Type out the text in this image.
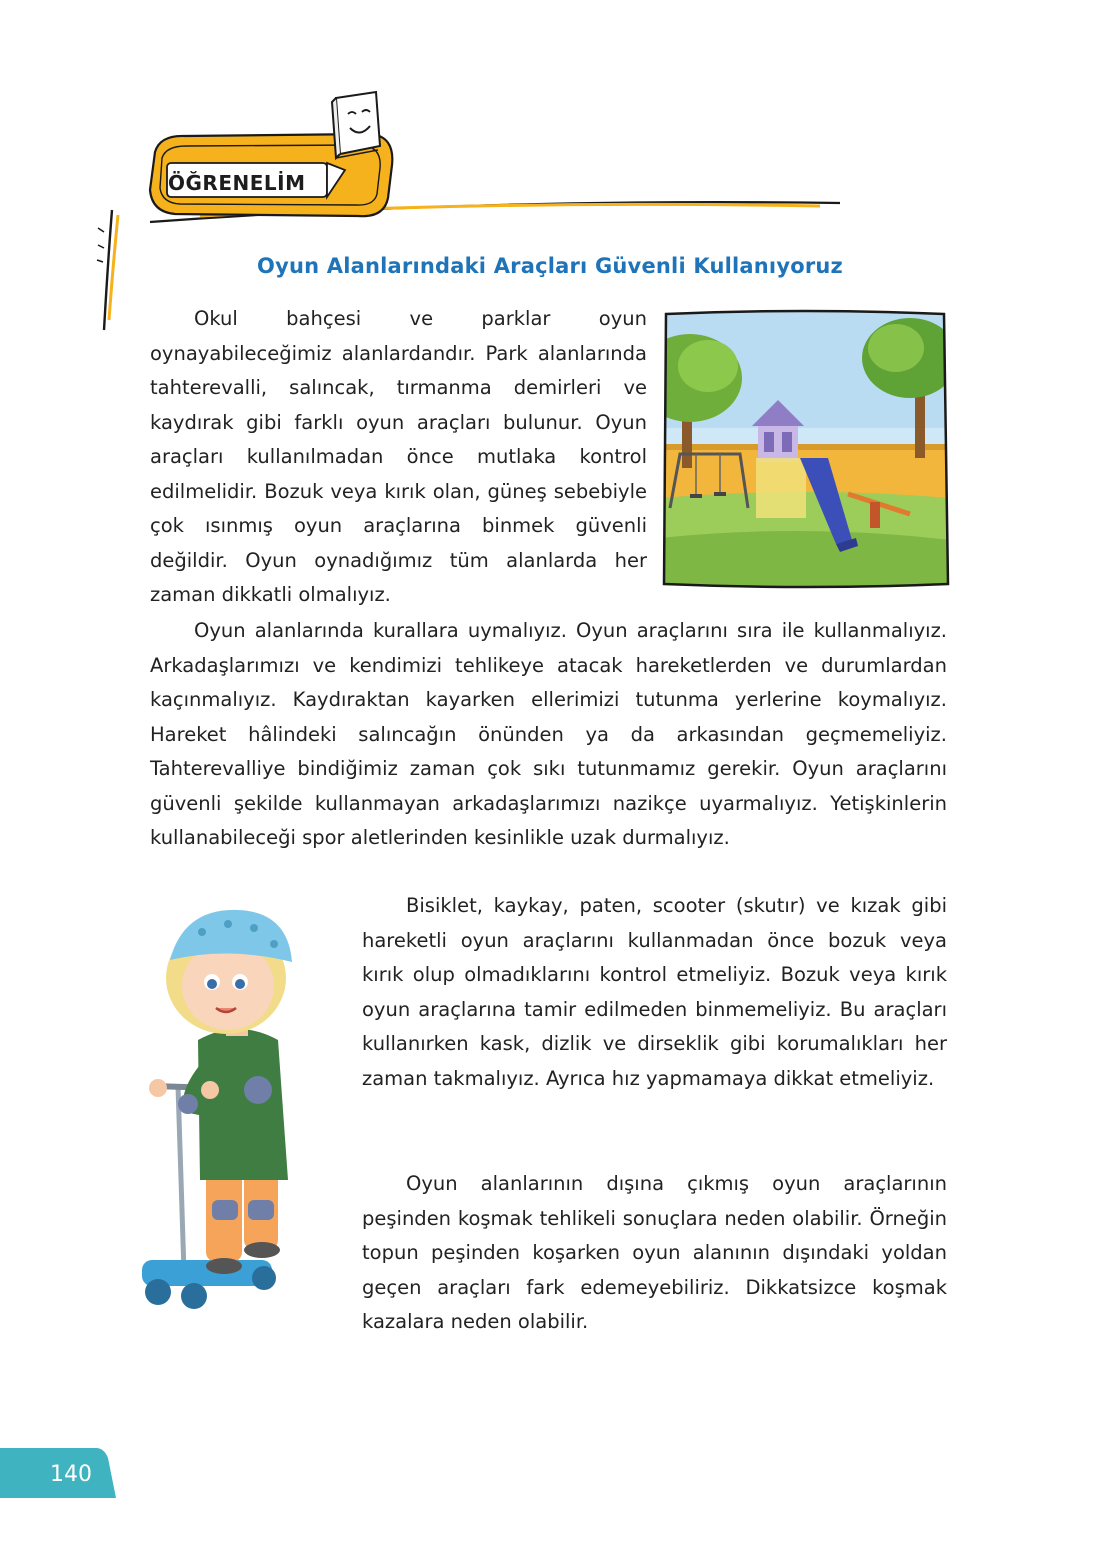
ÖĞRENELİM
Oyun Alanlarındaki Araçları Güvenli Kullanıyoruz

Okul bahçesi ve parklar oyun oynayabileceğimiz alanlardandır. Park alanlarında tahterevalli, salıncak, tırmanma demirleri ve kaydırak gibi farklı oyun araçları bulunur. Oyun araçları kullanılmadan önce mutlaka kontrol edilmelidir. Bozuk veya kırık olan, güneş sebebiyle çok ısınmış oyun araçlarına binmek güvenli değildir. Oyun oynadığımız tüm alanlarda her zaman dikkatli olmalıyız.

Oyun alanlarında kurallara uymalıyız. Oyun araçlarını sıra ile kullanmalıyız. Arkadaşlarımızı ve kendimizi tehlikeye atacak hareketlerden ve durumlardan kaçınmalıyız. Kaydıraktan kayarken ellerimizi tutunma yerlerine koymalıyız. Hareket hâlindeki salıncağın önünden ya da arkasından geçmemeliyiz. Tahterevalliye bindiğimiz zaman çok sıkı tutunmamız gerekir. Oyun araçlarını güvenli şekilde kullanmayan arkadaşlarımızı nazikçe uyarmalıyız. Yetişkinlerin kullanabileceği spor aletlerinden kesinlikle uzak durmalıyız.

Bisiklet, kaykay, paten, scooter (skutır) ve kızak gibi hareketli oyun araçlarını kullanmadan önce bozuk veya kırık olup olmadıklarını kontrol etmeliyiz. Bozuk veya kırık oyun araçlarına tamir edilmeden binmemeliyiz. Bu araçları kullanırken kask, dizlik ve dirseklik gibi korumalıkları her zaman takmalıyız. Ayrıca hız yapmamaya dikkat etmeliyiz.

Oyun alanlarının dışına çıkmış oyun araçlarının peşinden koşmak tehlikeli sonuçlara neden olabilir. Örneğin topun peşinden koşarken oyun alanının dışındaki yoldan geçen araçları fark edemeyebiliriz. Dikkatsizce koşmak kazalara neden olabilir.

140
